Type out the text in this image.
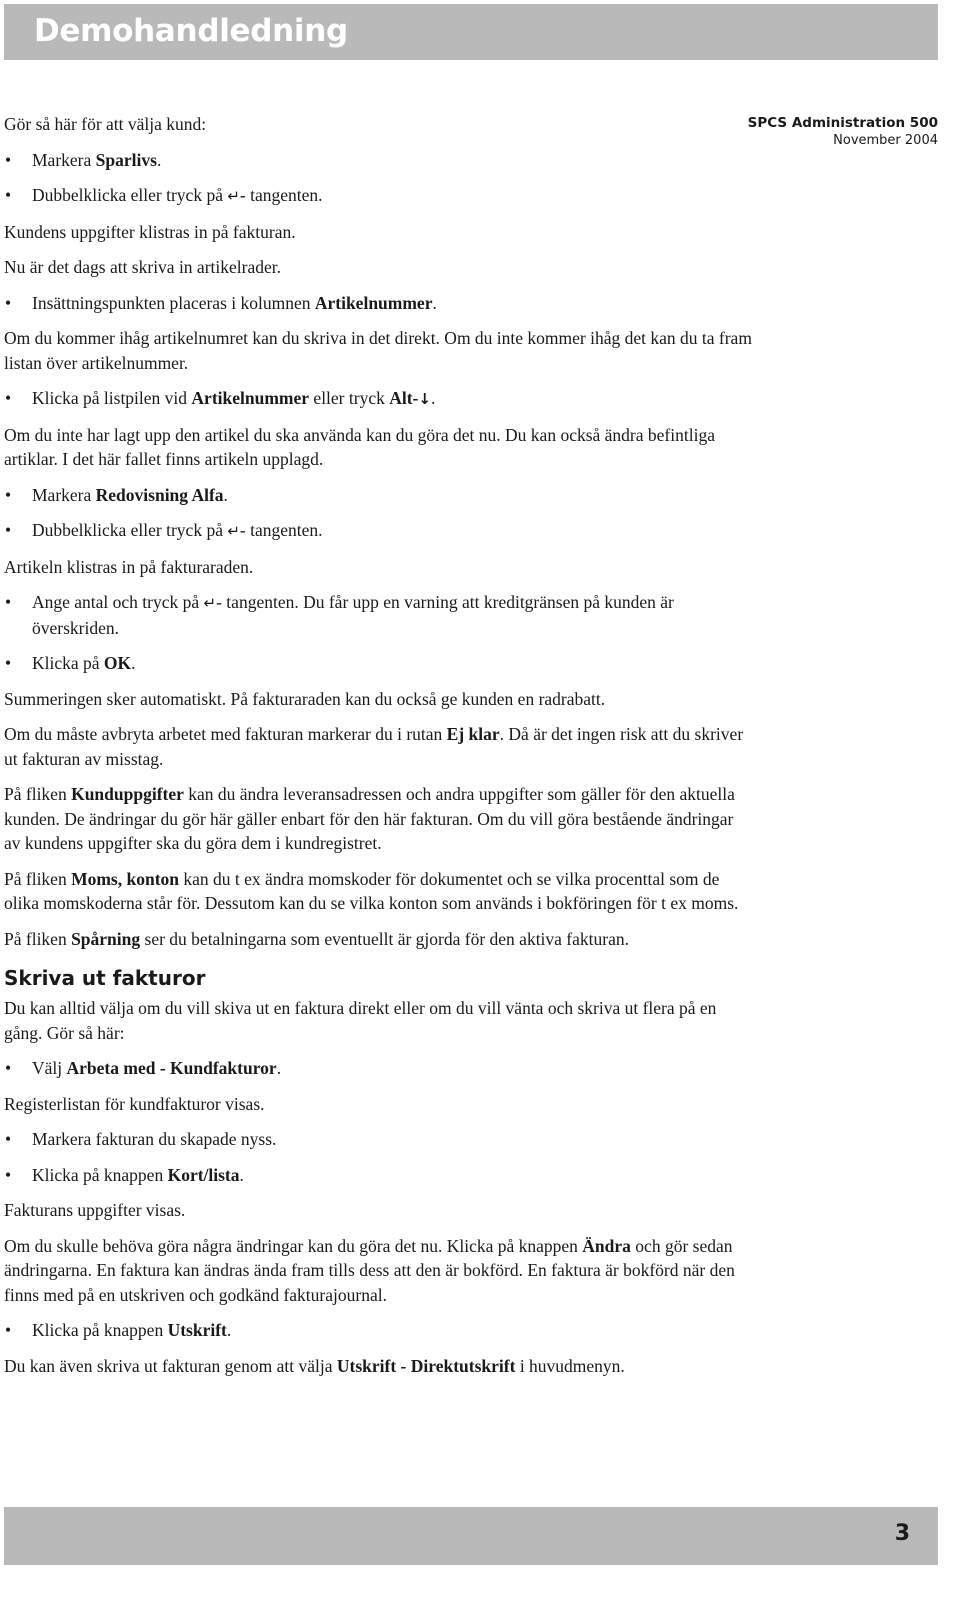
Demohandledning
SPCS Administration 500
November 2004

Gör så här för att välja kund:

• Markera Sparlivs.
• Dubbelklicka eller tryck på ↵- tangenten.

Kundens uppgifter klistras in på fakturan.

Nu är det dags att skriva in artikelrader.

• Insättningspunkten placeras i kolumnen Artikelnummer.

Om du kommer ihåg artikelnumret kan du skriva in det direkt. Om du inte kommer ihåg det kan du ta fram listan över artikelnummer.

• Klicka på listpilen vid Artikelnummer eller tryck Alt-↓.

Om du inte har lagt upp den artikel du ska använda kan du göra det nu. Du kan också ändra befintliga artiklar. I det här fallet finns artikeln upplagd.

• Markera Redovisning Alfa.
• Dubbelklicka eller tryck på ↵- tangenten.

Artikeln klistras in på fakturaraden.

• Ange antal och tryck på ↵- tangenten. Du får upp en varning att kreditgränsen på kunden är överskriden.
• Klicka på OK.

Summeringen sker automatiskt. På fakturaraden kan du också ge kunden en radrabatt.

Om du måste avbryta arbetet med fakturan markerar du i rutan Ej klar. Då är det ingen risk att du skriver ut fakturan av misstag.

På fliken Kunduppgifter kan du ändra leveransadressen och andra uppgifter som gäller för den aktuella kunden. De ändringar du gör här gäller enbart för den här fakturan. Om du vill göra bestående ändringar av kundens uppgifter ska du göra dem i kundregistret.

På fliken Moms, konton kan du t ex ändra momskoder för dokumentet och se vilka procenttal som de olika momskoderna står för. Dessutom kan du se vilka konton som används i bokföringen för t ex moms.

På fliken Spårning ser du betalningarna som eventuellt är gjorda för den aktiva fakturan.

Skriva ut fakturor

Du kan alltid välja om du vill skiva ut en faktura direkt eller om du vill vänta och skriva ut flera på en gång. Gör så här:

• Välj Arbeta med - Kundfakturor.

Registerlistan för kundfakturor visas.

• Markera fakturan du skapade nyss.
• Klicka på knappen Kort/lista.

Fakturans uppgifter visas.

Om du skulle behöva göra några ändringar kan du göra det nu. Klicka på knappen Ändra och gör sedan ändringarna. En faktura kan ändras ända fram tills dess att den är bokförd. En faktura är bokförd när den finns med på en utskriven och godkänd fakturajournal.

• Klicka på knappen Utskrift.

Du kan även skriva ut fakturan genom att välja Utskrift - Direktutskrift i huvudmenyn.

3
